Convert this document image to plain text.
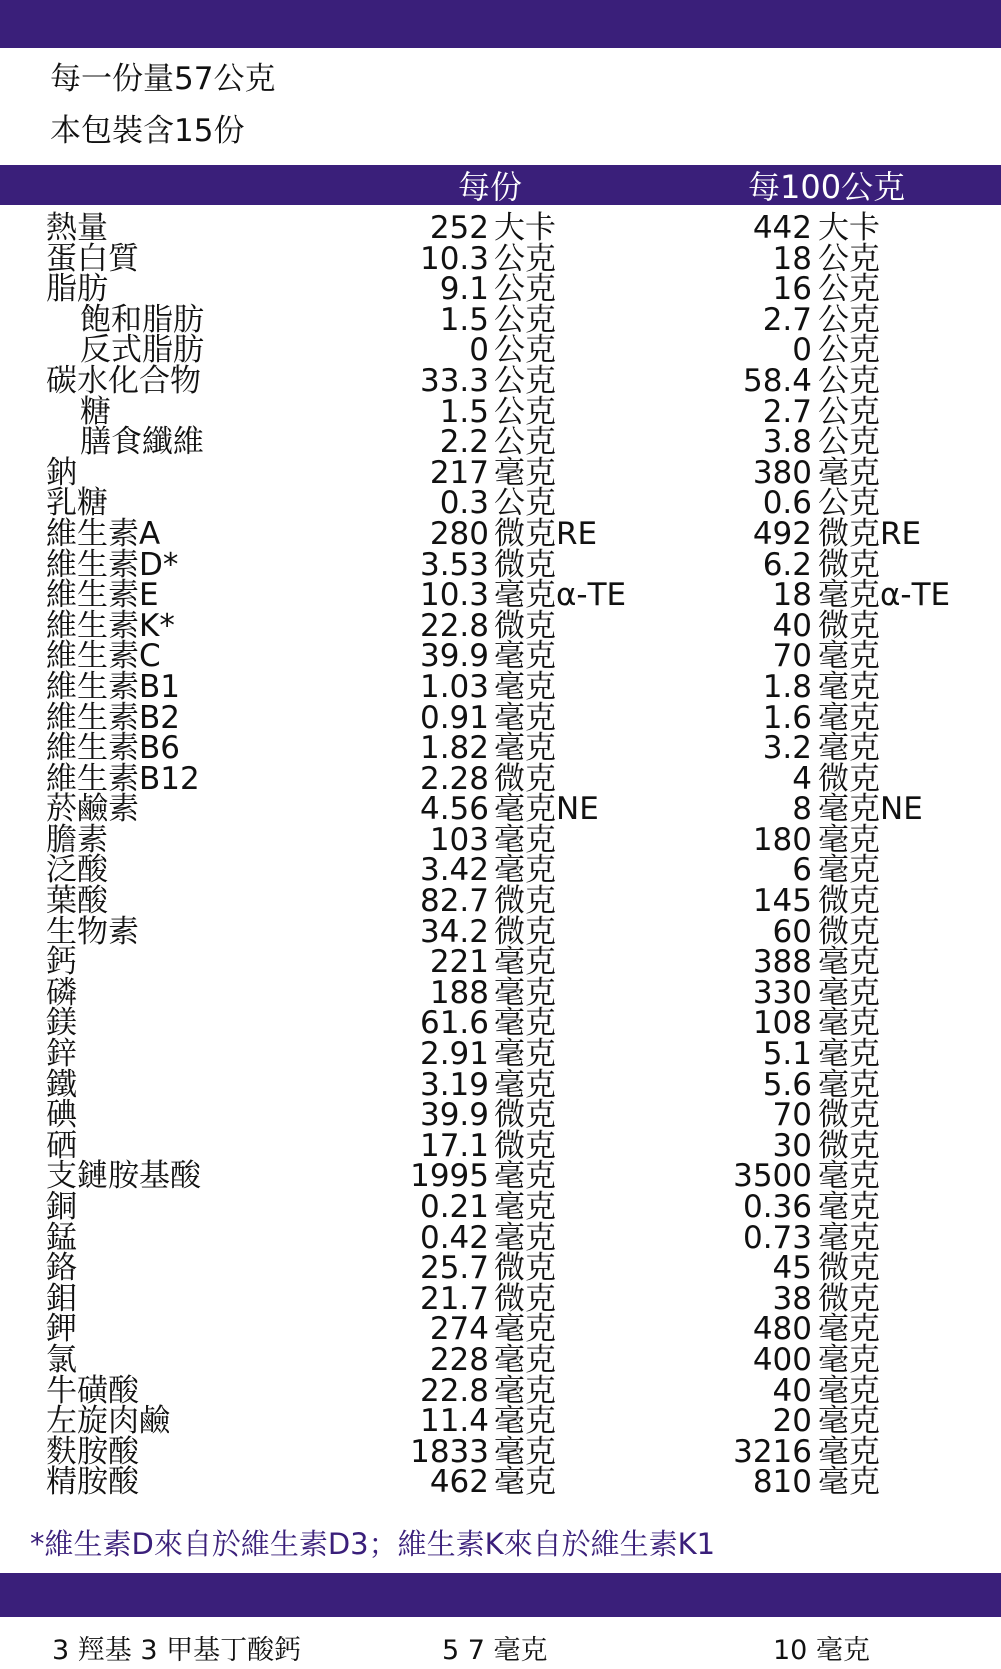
每一份量57公克
本包裝含15份
每份	每100公克
熱量	252 大卡	442 大卡
蛋白質	10.3 公克	18 公克
脂肪	9.1 公克	16 公克
飽和脂肪	1.5 公克	2.7 公克
反式脂肪	0 公克	0 公克
碳水化合物	33.3 公克	58.4 公克
糖	1.5 公克	2.7 公克
膳食纖維	2.2 公克	3.8 公克
鈉	217 毫克	380 毫克
乳糖	0.3 公克	0.6 公克
維生素A	280 微克RE	492 微克RE
維生素D*	3.53 微克	6.2 微克
維生素E	10.3 毫克α-TE	18 毫克α-TE
維生素K*	22.8 微克	40 微克
維生素C	39.9 毫克	70 毫克
維生素B1	1.03 毫克	1.8 毫克
維生素B2	0.91 毫克	1.6 毫克
維生素B6	1.82 毫克	3.2 毫克
維生素B12	2.28 微克	4 微克
菸鹼素	4.56 毫克NE	8 毫克NE
膽素	103 毫克	180 毫克
泛酸	3.42 毫克	6 毫克
葉酸	82.7 微克	145 微克
生物素	34.2 微克	60 微克
鈣	221 毫克	388 毫克
磷	188 毫克	330 毫克
鎂	61.6 毫克	108 毫克
鋅	2.91 毫克	5.1 毫克
鐵	3.19 毫克	5.6 毫克
碘	39.9 微克	70 微克
硒	17.1 微克	30 微克
支鏈胺基酸	1995 毫克	3500 毫克
銅	0.21 毫克	0.36 毫克
錳	0.42 毫克	0.73 毫克
鉻	25.7 微克	45 微克
鉬	21.7 微克	38 微克
鉀	274 毫克	480 毫克
氯	228 毫克	400 毫克
牛磺酸	22.8 毫克	40 毫克
左旋肉鹼	11.4 毫克	20 毫克
麩胺酸	1833 毫克	3216 毫克
精胺酸	462 毫克	810 毫克
*維生素D來自於維生素D3；維生素K來自於維生素K1
3 羥基 3 甲基丁酸鈣	5 7 毫克	10 毫克
